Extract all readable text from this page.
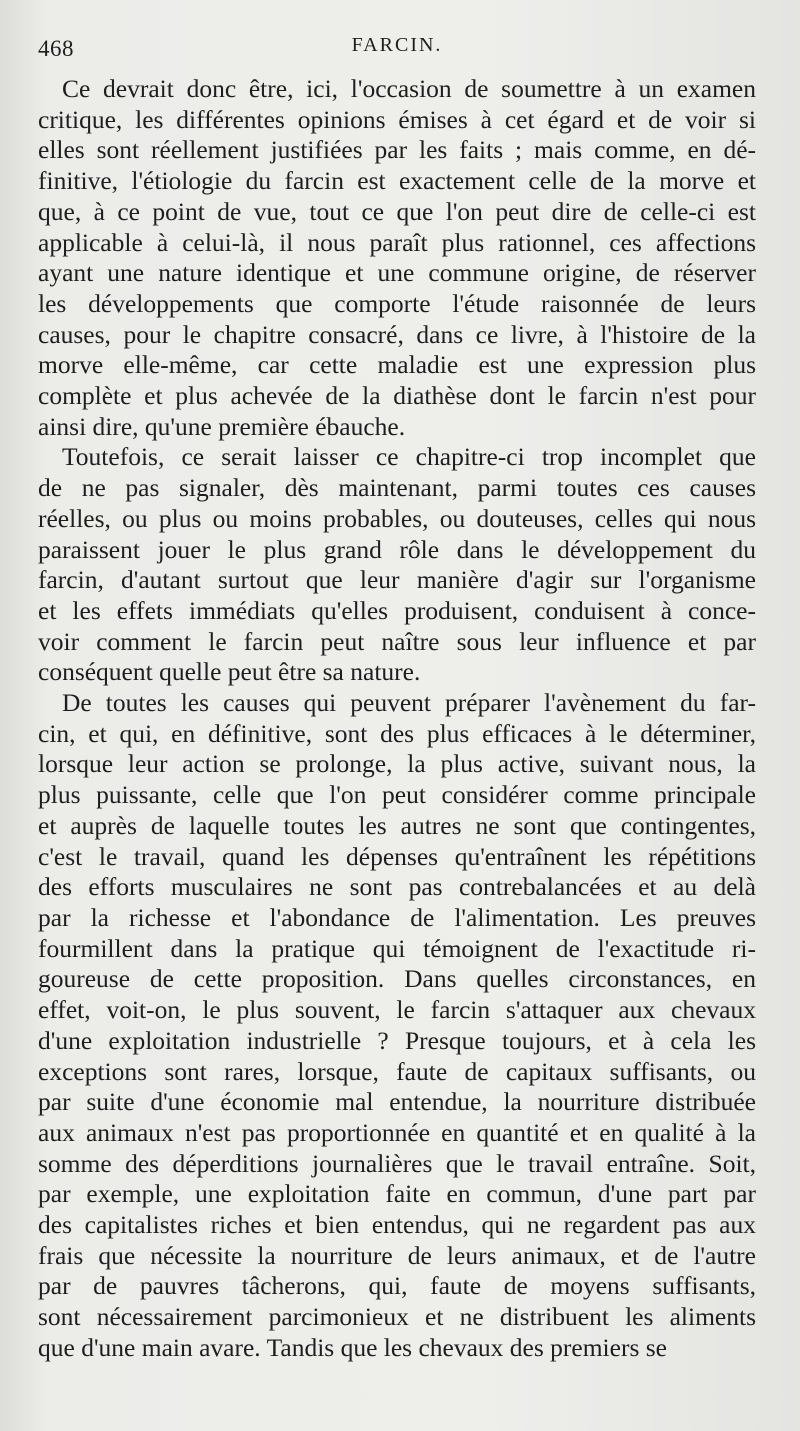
468	FARCIN.

Ce devrait donc être, ici, l'occasion de soumettre à un examen
critique, les différentes opinions émises à cet égard et de voir si
elles sont réellement justifiées par les faits ; mais comme, en dé-
finitive, l'étiologie du farcin est exactement celle de la morve et
que, à ce point de vue, tout ce que l'on peut dire de celle-ci est
applicable à celui-là, il nous paraît plus rationnel, ces affections
ayant une nature identique et une commune origine, de réserver
les développements que comporte l'étude raisonnée de leurs
causes, pour le chapitre consacré, dans ce livre, à l'histoire de la
morve elle-même, car cette maladie est une expression plus
complète et plus achevée de la diathèse dont le farcin n'est pour
ainsi dire, qu'une première ébauche.

Toutefois, ce serait laisser ce chapitre-ci trop incomplet que
de ne pas signaler, dès maintenant, parmi toutes ces causes
réelles, ou plus ou moins probables, ou douteuses, celles qui nous
paraissent jouer le plus grand rôle dans le développement du
farcin, d'autant surtout que leur manière d'agir sur l'organisme
et les effets immédiats qu'elles produisent, conduisent à conce-
voir comment le farcin peut naître sous leur influence et par
conséquent quelle peut être sa nature.

De toutes les causes qui peuvent préparer l'avènement du far-
cin, et qui, en définitive, sont des plus efficaces à le déterminer,
lorsque leur action se prolonge, la plus active, suivant nous, la
plus puissante, celle que l'on peut considérer comme principale
et auprès de laquelle toutes les autres ne sont que contingentes,
c'est le travail, quand les dépenses qu'entraînent les répétitions
des efforts musculaires ne sont pas contrebalancées et au delà
par la richesse et l'abondance de l'alimentation. Les preuves
fourmillent dans la pratique qui témoignent de l'exactitude ri-
goureuse de cette proposition. Dans quelles circonstances, en
effet, voit-on, le plus souvent, le farcin s'attaquer aux chevaux
d'une exploitation industrielle ? Presque toujours, et à cela les
exceptions sont rares, lorsque, faute de capitaux suffisants, ou
par suite d'une économie mal entendue, la nourriture distribuée
aux animaux n'est pas proportionnée en quantité et en qualité à la
somme des déperditions journalières que le travail entraîne. Soit,
par exemple, une exploitation faite en commun, d'une part par
des capitalistes riches et bien entendus, qui ne regardent pas aux
frais que nécessite la nourriture de leurs animaux, et de l'autre
par de pauvres tâcherons, qui, faute de moyens suffisants,
sont nécessairement parcimonieux et ne distribuent les aliments
que d'une main avare. Tandis que les chevaux des premiers se
